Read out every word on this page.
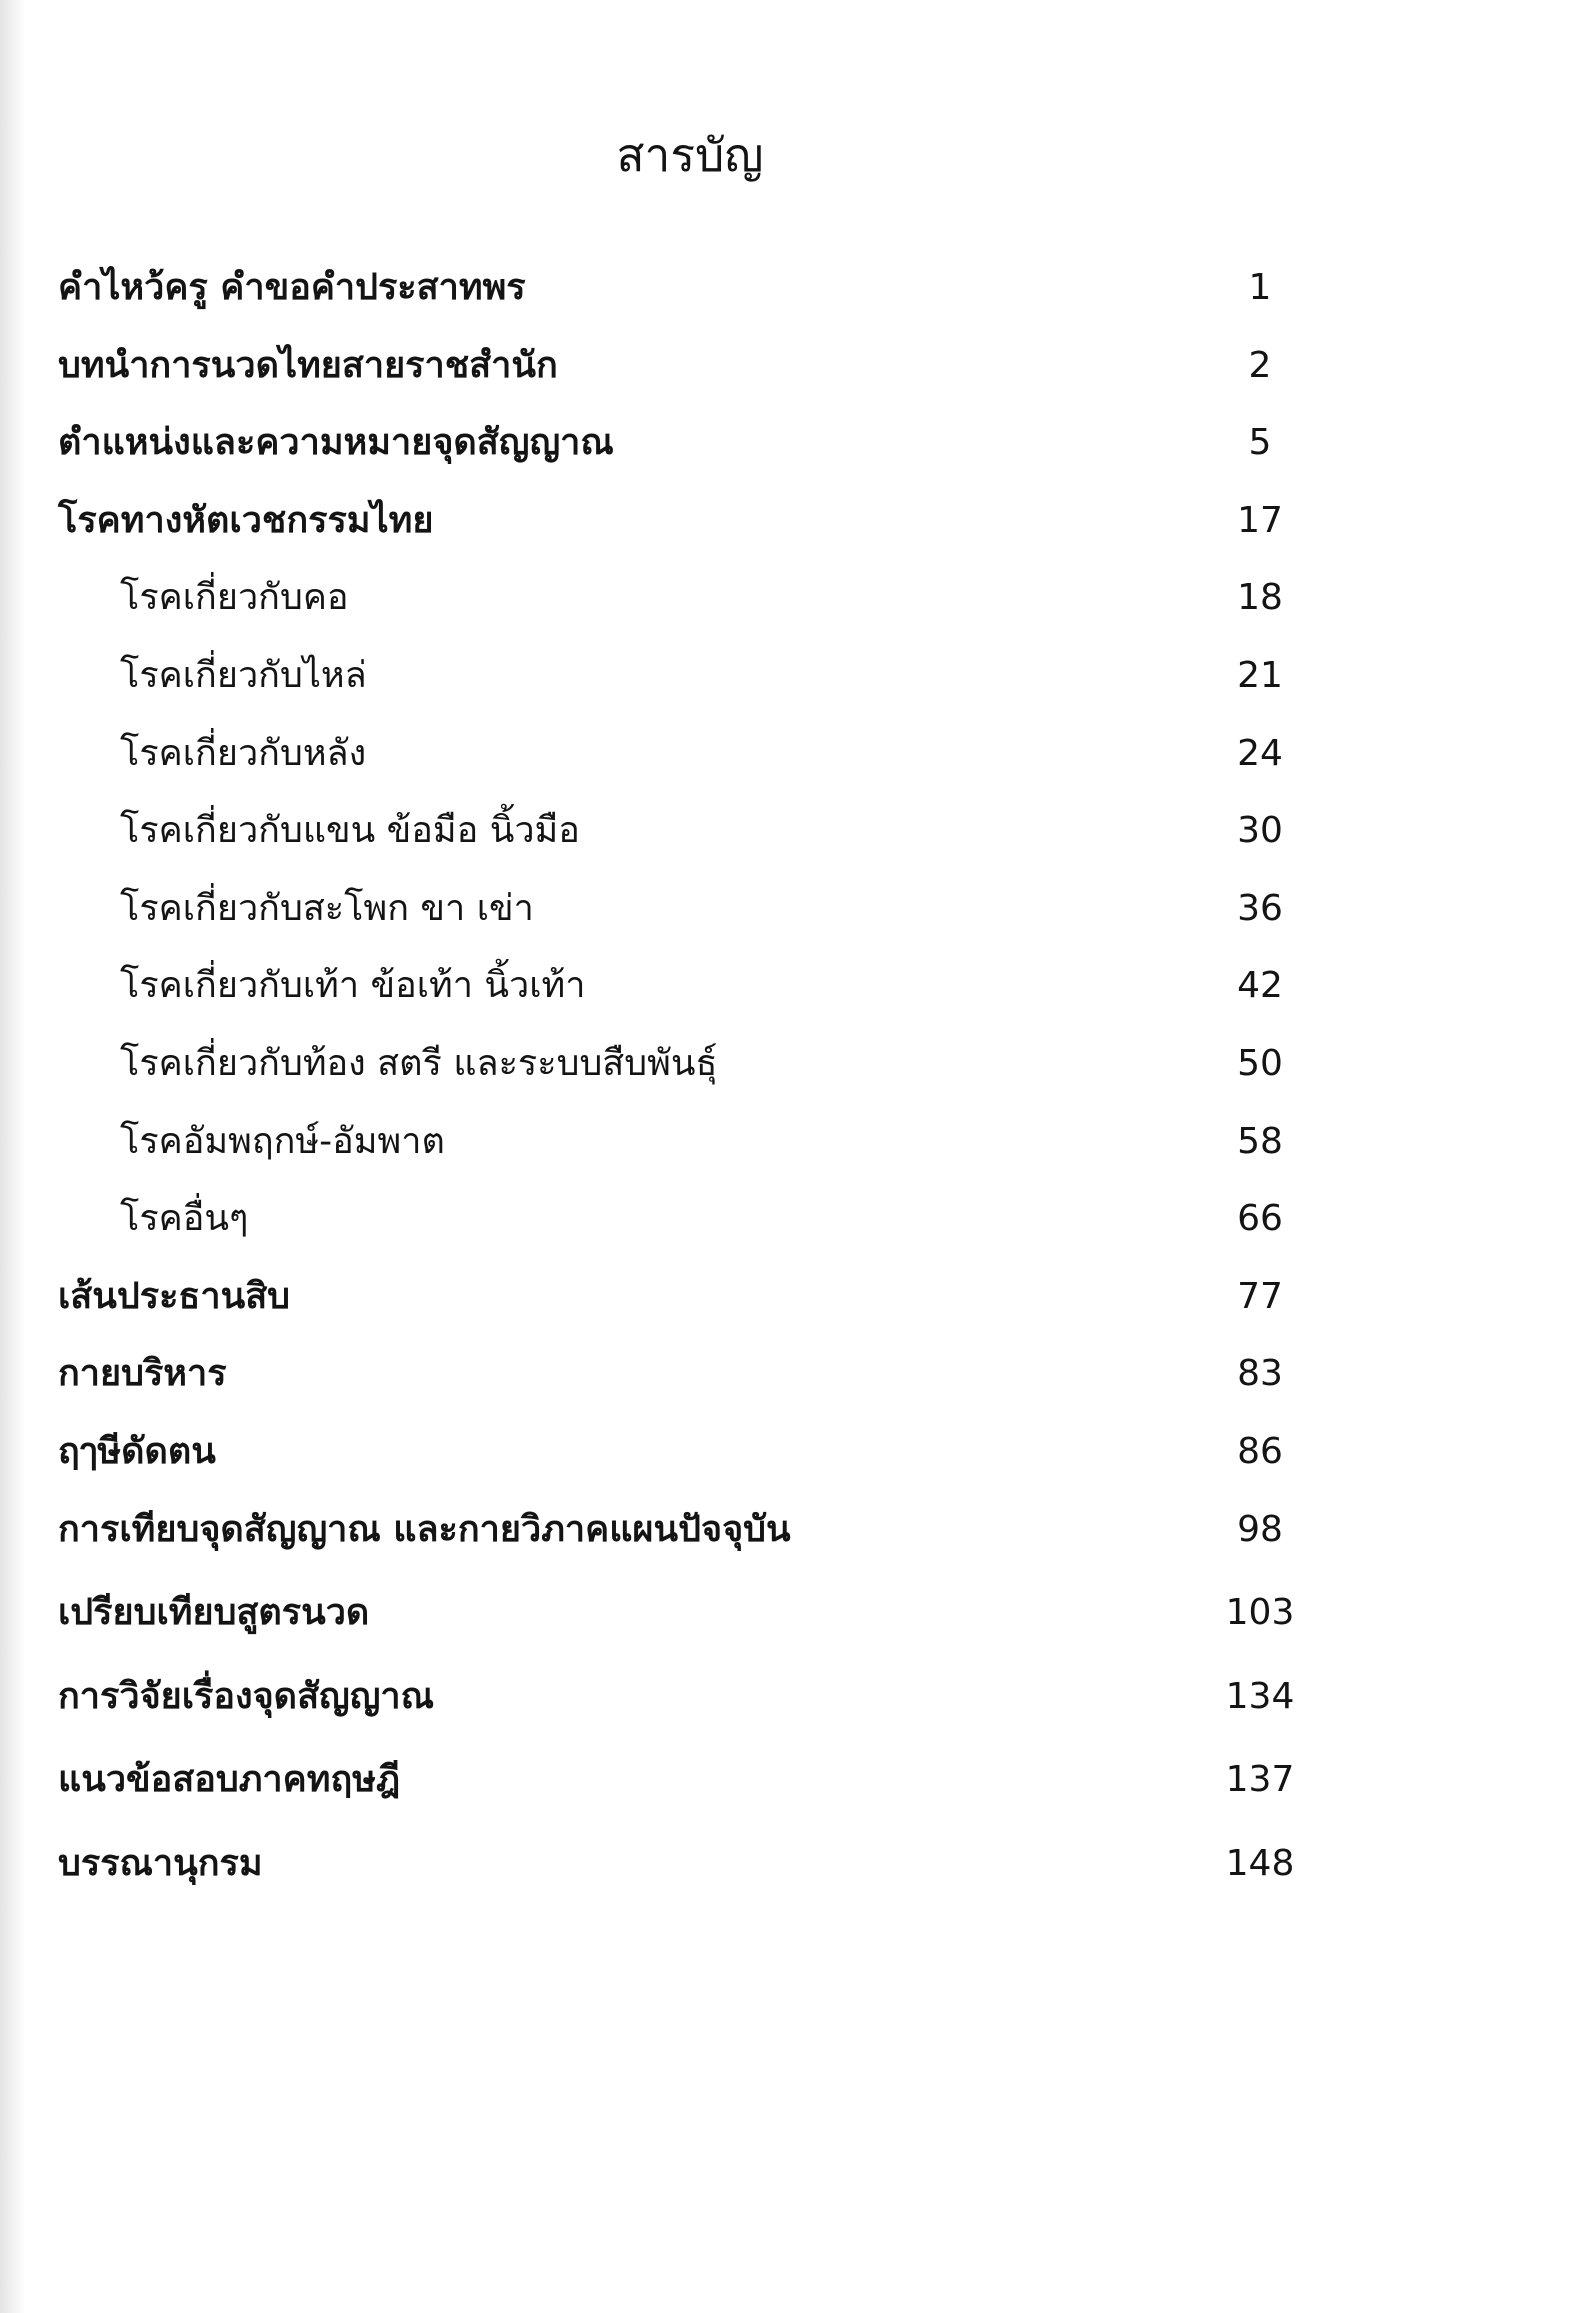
สารบัญ
คำไหว้ครู คำขอคำประสาทพร	1
บทนำการนวดไทยสายราชสำนัก	2
ตำแหน่งและความหมายจุดสัญญาณ	5
โรคทางหัตเวชกรรมไทย	17
โรคเกี่ยวกับคอ	18
โรคเกี่ยวกับไหล่	21
โรคเกี่ยวกับหลัง	24
โรคเกี่ยวกับแขน ข้อมือ นิ้วมือ	30
โรคเกี่ยวกับสะโพก ขา เข่า	36
โรคเกี่ยวกับเท้า ข้อเท้า นิ้วเท้า	42
โรคเกี่ยวกับท้อง สตรี และระบบสืบพันธุ์	50
โรคอัมพฤกษ์-อัมพาต	58
โรคอื่นๆ	66
เส้นประธานสิบ	77
กายบริหาร	83
ฤๅษีดัดตน	86
การเทียบจุดสัญญาณ และกายวิภาคแผนปัจจุบัน	98
เปรียบเทียบสูตรนวด	103
การวิจัยเรื่องจุดสัญญาณ	134
แนวข้อสอบภาคทฤษฎี	137
บรรณานุกรม	148
